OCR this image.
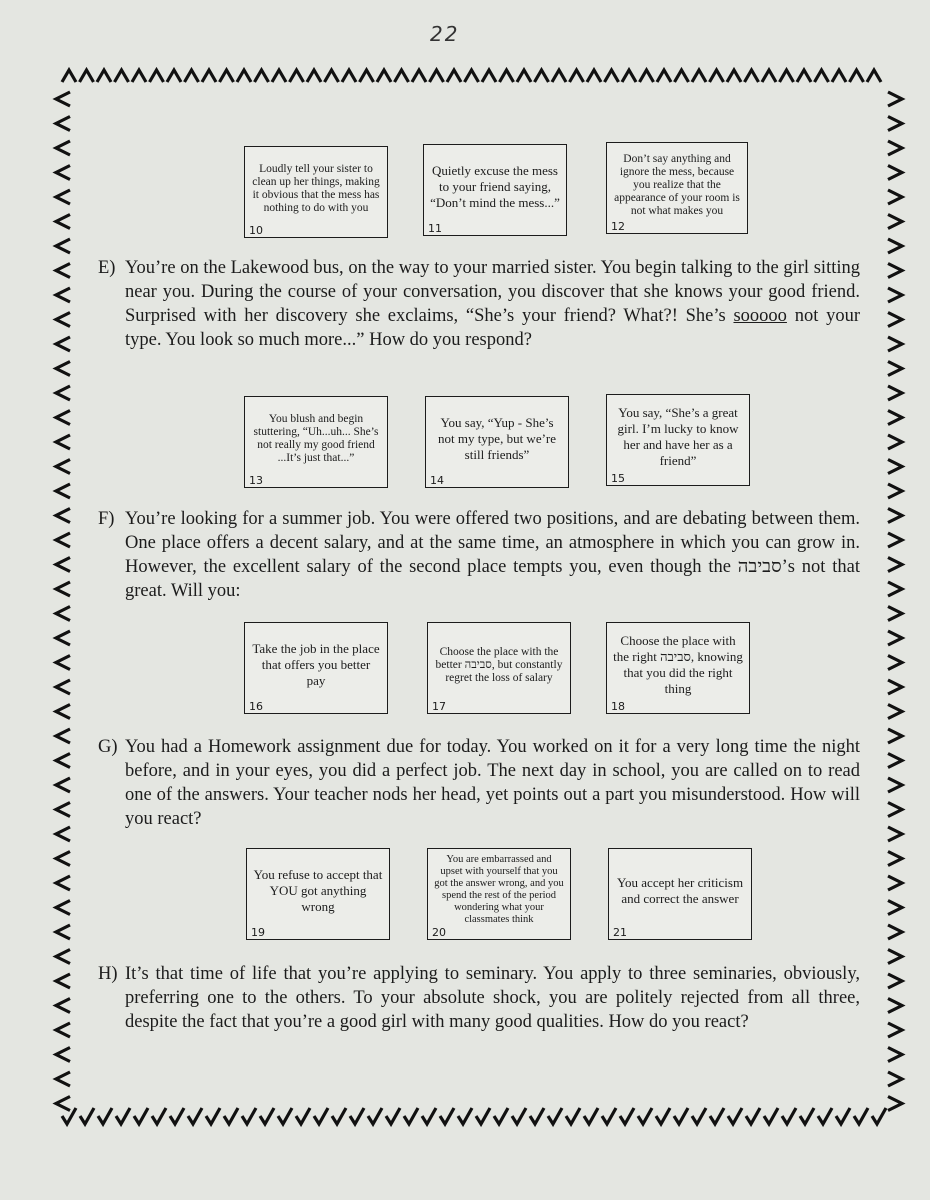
22
Loudly tell your sister to clean up her things, making it obvious that the mess has nothing to do with you
10
Quietly excuse the mess to your friend saying, “Don’t mind the mess...”
11
Don’t say anything and ignore the mess, because you realize that the appearance of your room is not what makes you
12
E) You’re on the Lakewood bus, on the way to your married sister. You begin talking to the girl sitting near you. During the course of your conversation, you discover that she knows your good friend. Surprised with her discovery she exclaims, “She’s your friend? What?! She’s sooooo not your type. You look so much more...” How do you respond?
You blush and begin stuttering, “Uh...uh... She’s not really my good friend ...It’s just that...”
13
You say, “Yup - She’s not my type, but we’re still friends”
14
You say, “She’s a great girl. I’m lucky to know her and have her as a friend”
15
F) You’re looking for a summer job. You were offered two positions, and are debating between them. One place offers a decent salary, and at the same time, an atmosphere in which you can grow in. However, the excellent salary of the second place tempts you, even though the סביבה’s not that great. Will you:
Take the job in the place that offers you better pay
16
Choose the place with the better סביבה, but constantly regret the loss of salary
17
Choose the place with the right סביבה, knowing that you did the right thing
18
G) You had a Homework assignment due for today. You worked on it for a very long time the night before, and in your eyes, you did a perfect job. The next day in school, you are called on to read one of the answers. Your teacher nods her head, yet points out a part you misunderstood. How will you react?
You refuse to accept that YOU got anything wrong
19
You are embarrassed and upset with yourself that you got the answer wrong, and you spend the rest of the period wondering what your classmates think
20
You accept her criticism and correct the answer
21
H) It’s that time of life that you’re applying to seminary. You apply to three seminaries, obviously, preferring one to the others. To your absolute shock, you are politely rejected from all three, despite the fact that you’re a good girl with many good qualities. How do you react?
